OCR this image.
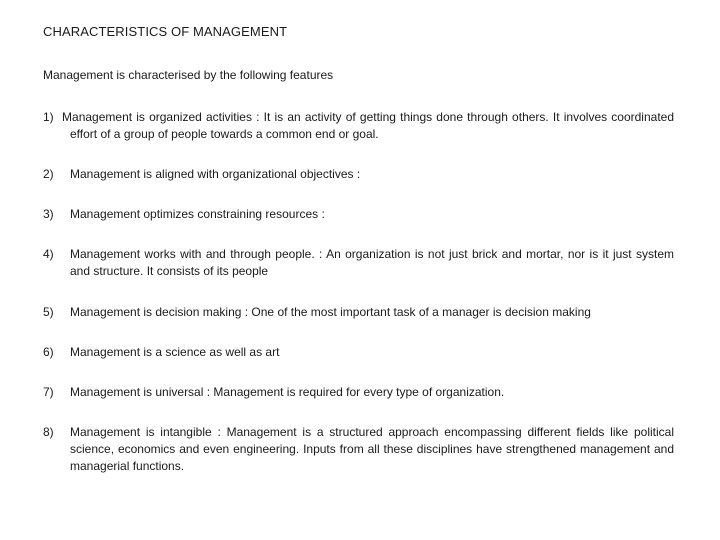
CHARACTERISTICS OF MANAGEMENT
Management is characterised by the following features
1) Management is organized activities : It is an activity of getting things done through others. It involves coordinated effort of a group of people towards a common end or goal.
2) Management is aligned with organizational objectives :
3) Management optimizes constraining resources :
4) Management works with and through people. : An organization is not just brick and mortar, nor is it just system and structure. It consists of its people
5) Management is decision making : One of the most important task of a manager is decision making
6) Management is a science as well as art
7) Management is universal : Management is required for every type of organization.
8) Management is intangible : Management is a structured approach encompassing different fields like political science, economics and even engineering. Inputs from all these disciplines have strengthened management and managerial functions.
